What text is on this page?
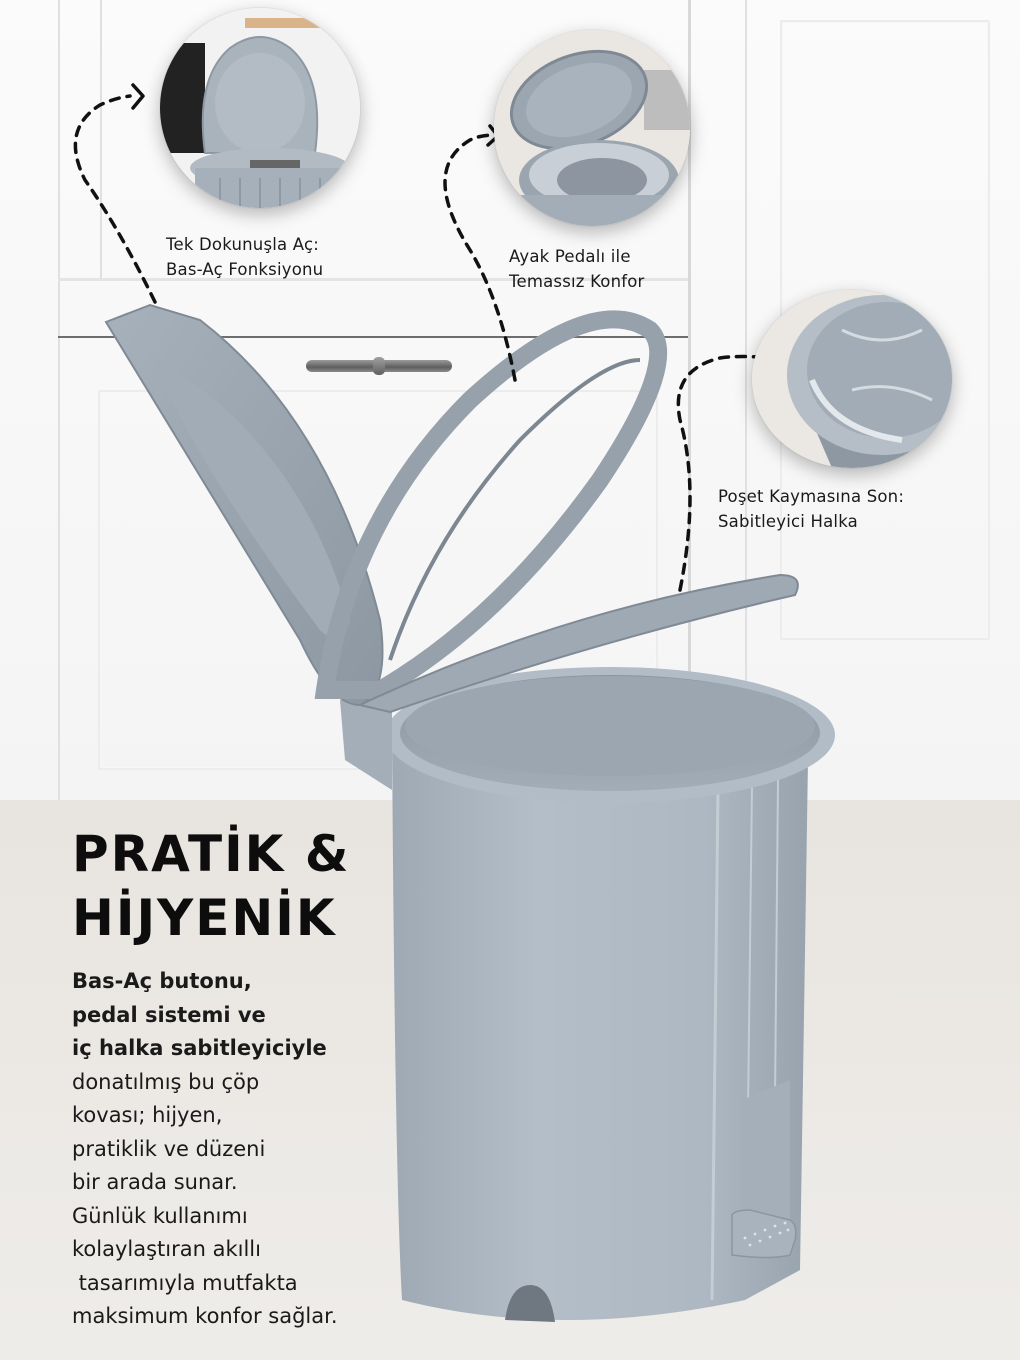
Tek Dokunuşla Aç:
Bas-Aç Fonksiyonu
Ayak Pedalı ile
Temassız Konfor
Poşet Kaymasına Son:
Sabitleyici Halka
PRATİK &
HİJYENİK
Bas-Aç butonu,
pedal sistemi ve
iç halka sabitleyiciyle
donatılmış bu çöp
kovası; hijyen,
pratiklik ve düzeni
bir arada sunar.
Günlük kullanımı
kolaylaştıran akıllı
tasarımıyla mutfakta
maksimum konfor sağlar.
